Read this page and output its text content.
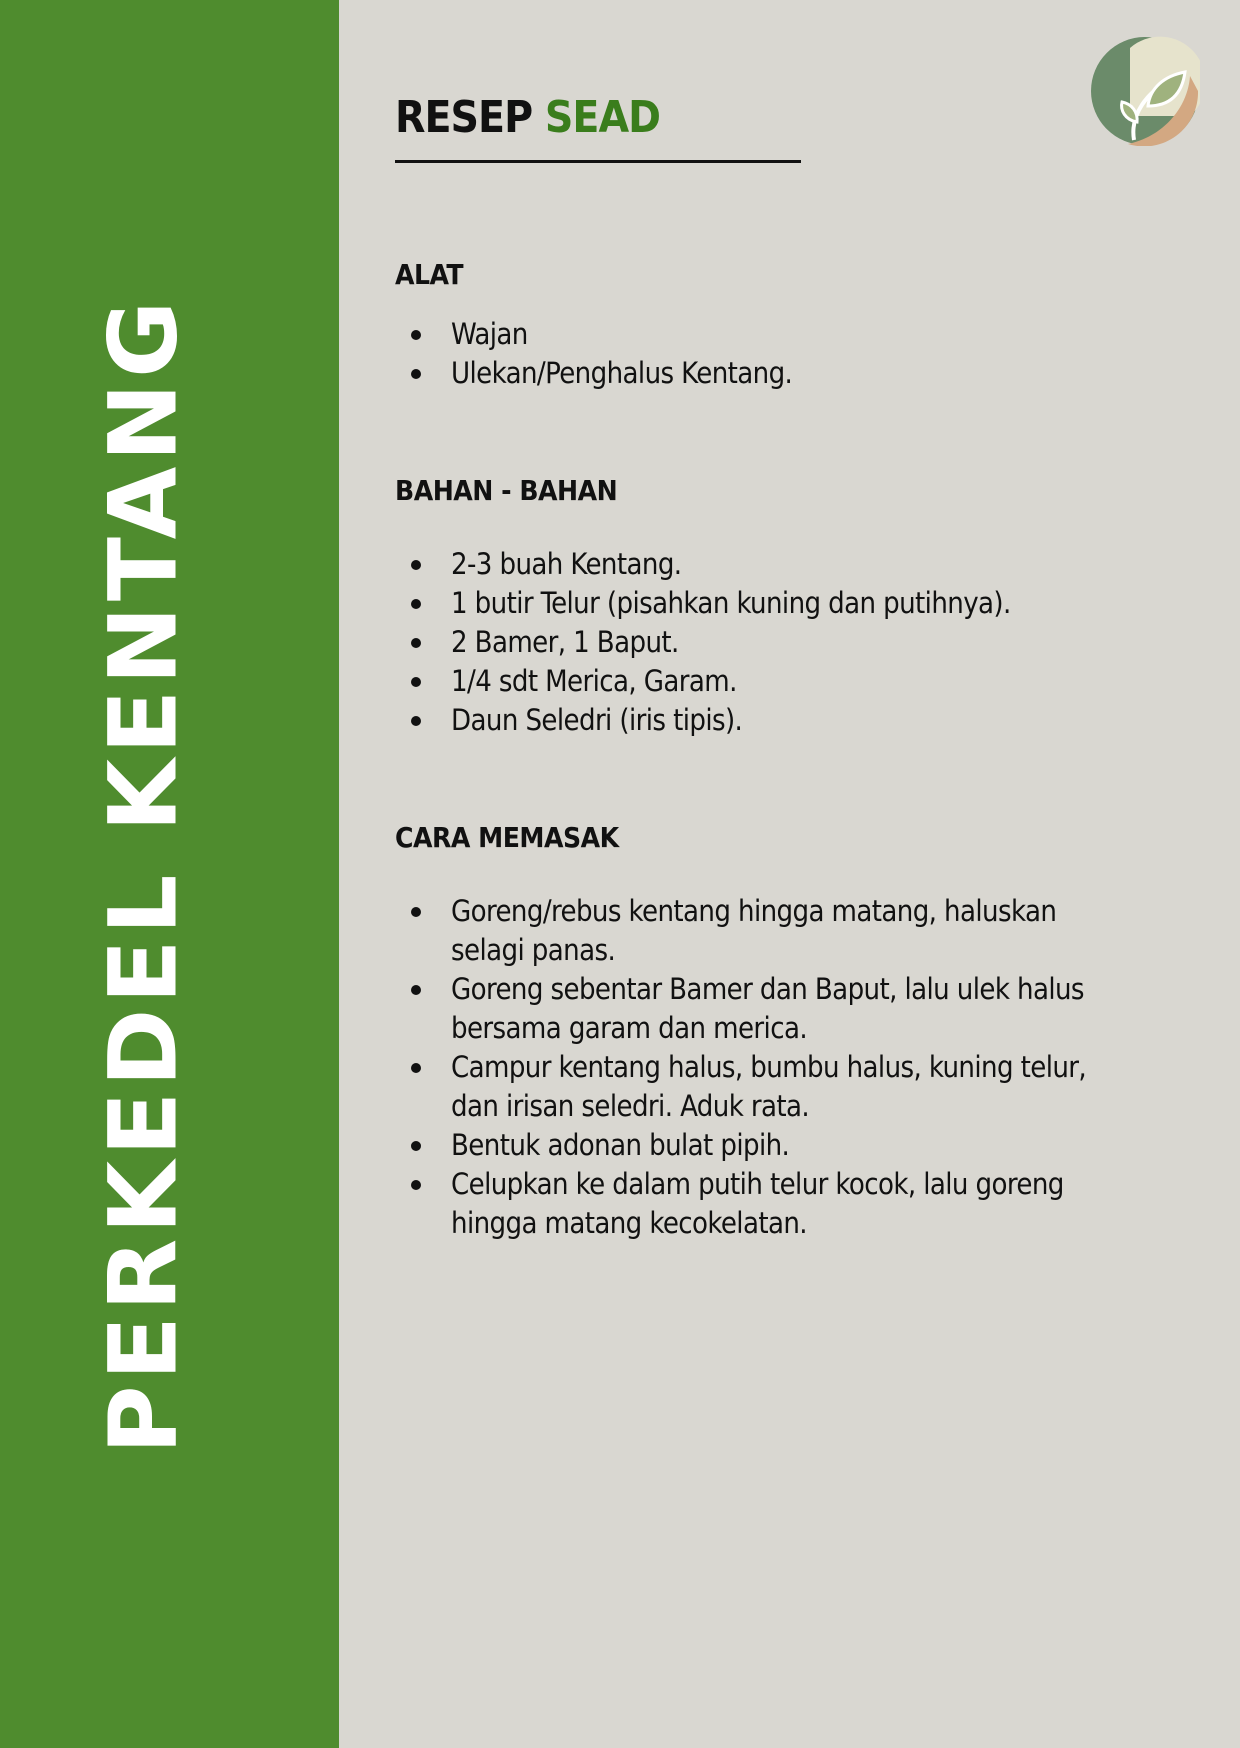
PERKEDEL KENTANG
RESEP SEAD
ALAT
Wajan
Ulekan/Penghalus Kentang.
BAHAN - BAHAN
2-3 buah Kentang.
1 butir Telur (pisahkan kuning dan putihnya).
2 Bamer, 1 Baput.
1/4 sdt Merica, Garam.
Daun Seledri (iris tipis).
CARA MEMASAK
Goreng/rebus kentang hingga matang, haluskan selagi panas.
Goreng sebentar Bamer dan Baput, lalu ulek halus bersama garam dan merica.
Campur kentang halus, bumbu halus, kuning telur, dan irisan seledri. Aduk rata.
Bentuk adonan bulat pipih.
Celupkan ke dalam putih telur kocok, lalu goreng hingga matang kecokelatan.
